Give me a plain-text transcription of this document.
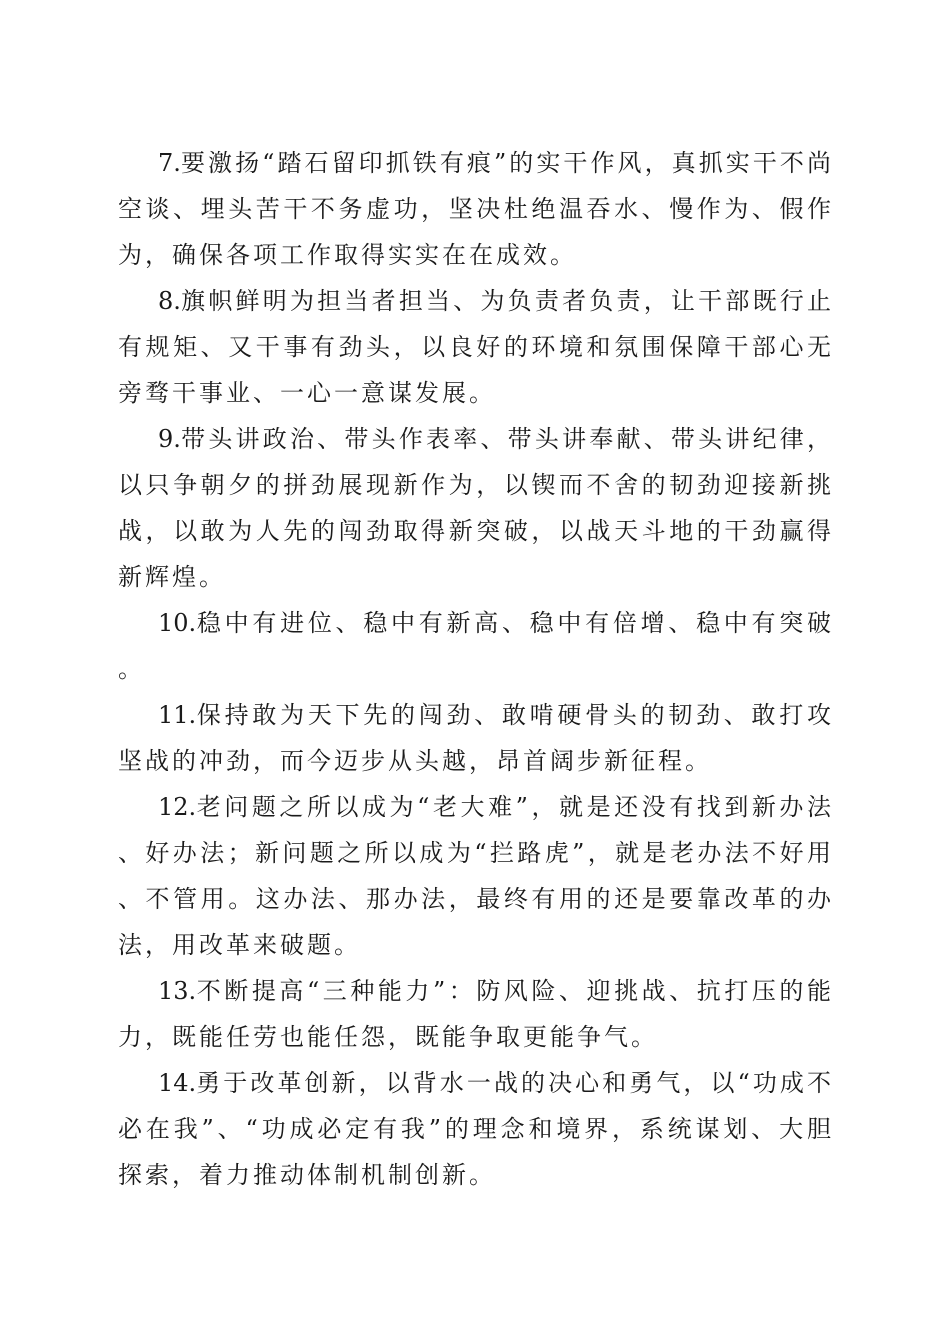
7.要激扬“踏石留印抓铁有痕”的实干作风，真抓实干不尚空谈、埋头苦干不务虚功，坚决杜绝温吞水、慢作为、假作为，确保各项工作取得实实在在成效。

8.旗帜鲜明为担当者担当、为负责者负责，让干部既行止有规矩、又干事有劲头，以良好的环境和氛围保障干部心无旁骛干事业、一心一意谋发展。

9.带头讲政治、带头作表率、带头讲奉献、带头讲纪律，以只争朝夕的拼劲展现新作为，以锲而不舍的韧劲迎接新挑战，以敢为人先的闯劲取得新突破，以战天斗地的干劲赢得新辉煌。

10.稳中有进位、稳中有新高、稳中有倍增、稳中有突破。

11.保持敢为天下先的闯劲、敢啃硬骨头的韧劲、敢打攻坚战的冲劲，而今迈步从头越，昂首阔步新征程。

12.老问题之所以成为“老大难”，就是还没有找到新办法、好办法；新问题之所以成为“拦路虎”，就是老办法不好用、不管用。这办法、那办法，最终有用的还是要靠改革的办法，用改革来破题。

13.不断提高“三种能力”：防风险、迎挑战、抗打压的能力，既能任劳也能任怨，既能争取更能争气。

14.勇于改革创新，以背水一战的决心和勇气，以“功成不必在我”、“功成必定有我”的理念和境界，系统谋划、大胆探索，着力推动体制机制创新。
